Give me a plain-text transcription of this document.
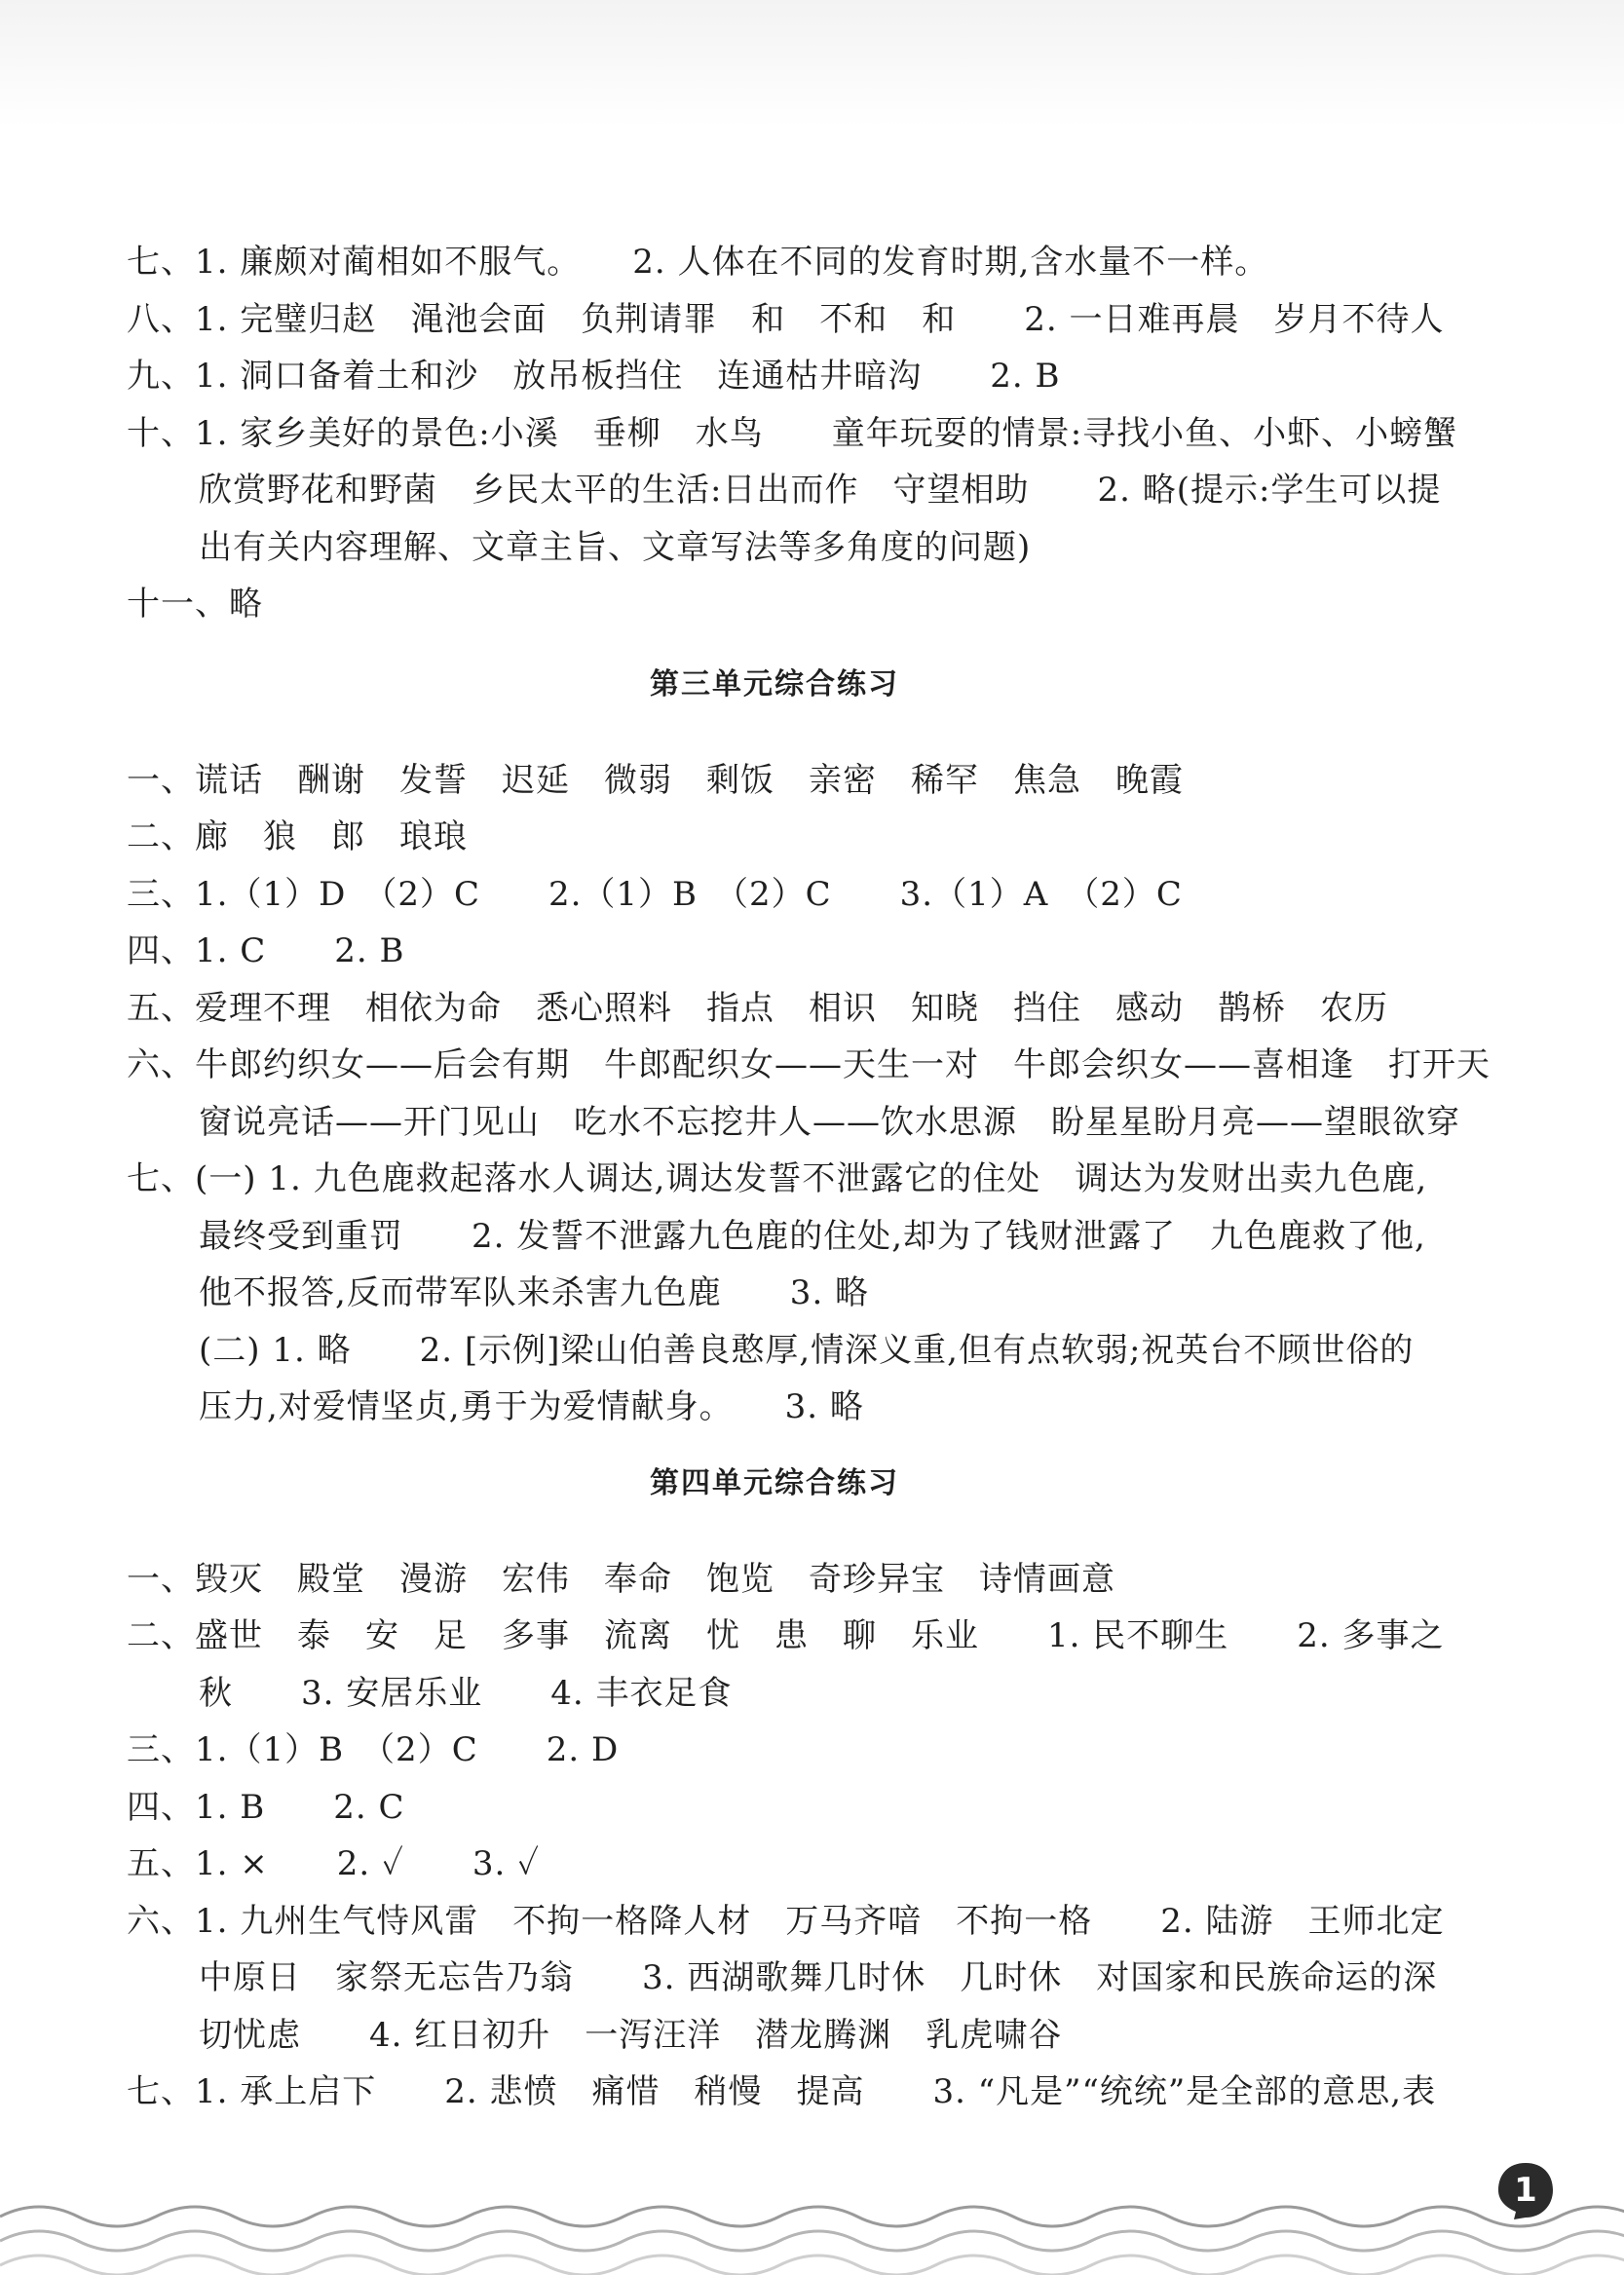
七、1. 廉颇对蔺相如不服气。　　2. 人体在不同的发育时期,含水量不一样。
八、1. 完璧归赵　渑池会面　负荆请罪　和　不和　和　　2. 一日难再晨　岁月不待人
九、1. 洞口备着土和沙　放吊板挡住　连通枯井暗沟　　2. B
十、1. 家乡美好的景色:小溪　垂柳　水鸟　　童年玩耍的情景:寻找小鱼、小虾、小螃蟹
欣赏野花和野菌　乡民太平的生活:日出而作　守望相助　　2. 略(提示:学生可以提
出有关内容理解、文章主旨、文章写法等多角度的问题)
十一、略
第三单元综合练习
一、谎话　酬谢　发誓　迟延　微弱　剩饭　亲密　稀罕　焦急　晚霞
二、廊　狼　郎　琅琅
三、1.（1）D　（2）C　　2.（1）B　（2）C　　3.（1）A　（2）C
四、1. C　　2. B
五、爱理不理　相依为命　悉心照料　指点　相识　知晓　挡住　感动　鹊桥　农历
六、牛郎约织女——后会有期　牛郎配织女——天生一对　牛郎会织女——喜相逢　打开天
窗说亮话——开门见山　吃水不忘挖井人——饮水思源　盼星星盼月亮——望眼欲穿
七、(一) 1. 九色鹿救起落水人调达,调达发誓不泄露它的住处　调达为发财出卖九色鹿,
最终受到重罚　　2. 发誓不泄露九色鹿的住处,却为了钱财泄露了　九色鹿救了他,
他不报答,反而带军队来杀害九色鹿　　3. 略
(二) 1. 略　　2. [示例]梁山伯善良憨厚,情深义重,但有点软弱;祝英台不顾世俗的
压力,对爱情坚贞,勇于为爱情献身。　　3. 略
第四单元综合练习
一、毁灭　殿堂　漫游　宏伟　奉命　饱览　奇珍异宝　诗情画意
二、盛世　泰　安　足　多事　流离　忧　患　聊　乐业　　1. 民不聊生　　2. 多事之
秋　　3. 安居乐业　　4. 丰衣足食
三、1.（1）B　（2）C　　2. D
四、1. B　　2. C
五、1. ×　　2. ✓　　3. ✓
六、1. 九州生气恃风雷　不拘一格降人材　万马齐喑　不拘一格　　2. 陆游　王师北定
中原日　家祭无忘告乃翁　　3. 西湖歌舞几时休　几时休　对国家和民族命运的深
切忧虑　　4. 红日初升　一泻汪洋　潜龙腾渊　乳虎啸谷
七、1. 承上启下　　2. 悲愤　痛惜　稍慢　提高　　3. “凡是”“统统”是全部的意思,表
1
